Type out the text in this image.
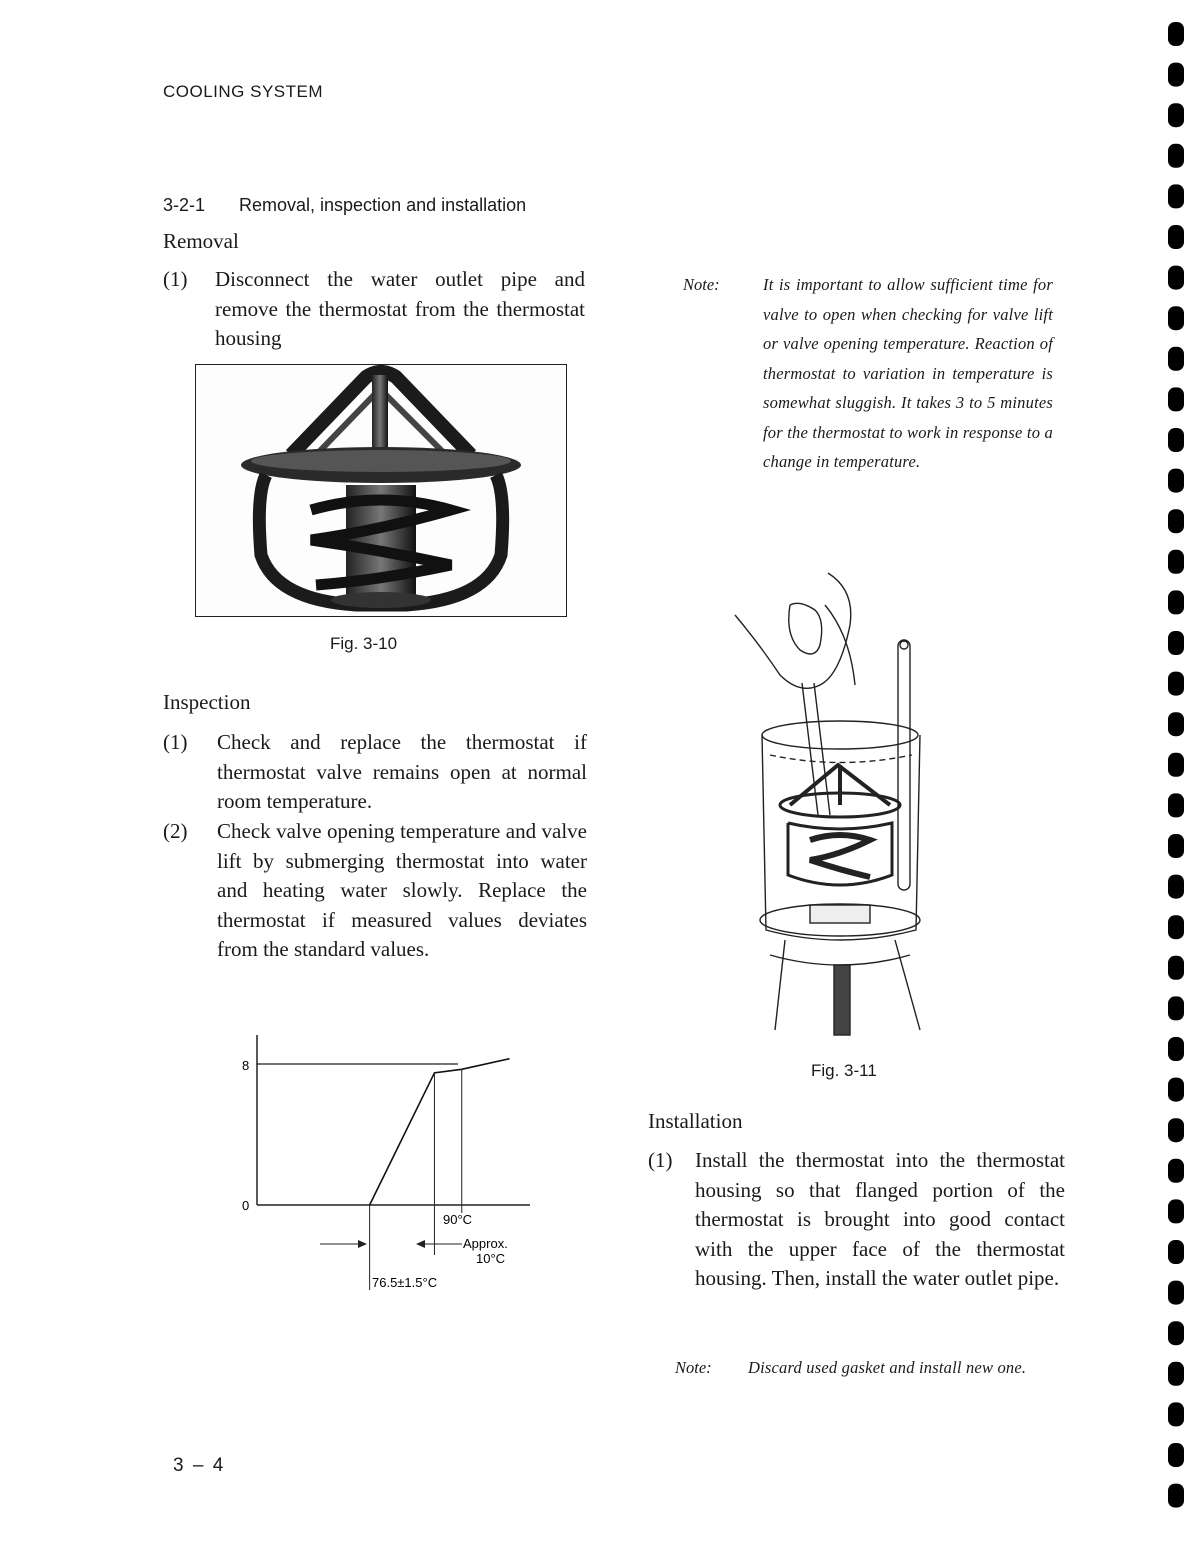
COOLING SYSTEM
3-2-1 Removal, inspection and installation
Removal
(1) Disconnect the water outlet pipe and remove the thermostat from the thermostat housing
Fig. 3-10
Inspection
(1) Check and replace the thermostat if thermostat valve remains open at normal room temperature.
(2) Check valve opening temperature and valve lift by submerging thermostat into water and heating water slowly. Replace the thermostat if measured values deviates from the standard values.
8
0
90°C
Approx.
10°C
76.5±1.5°C
Note:	It is important to allow sufficient time for valve to open when checking for valve lift or valve opening temperature. Reaction of thermostat to variation in temperature is somewhat sluggish. It takes 3 to 5 minutes for the thermostat to work in response to a change in temperature.
Fig. 3-11
Installation
(1) Install the thermostat into the thermostat housing so that flanged portion of the thermostat is brought into good contact with the upper face of the thermostat housing. Then, install the water outlet pipe.
Note: Discard used gasket and install new one.
3 – 4
